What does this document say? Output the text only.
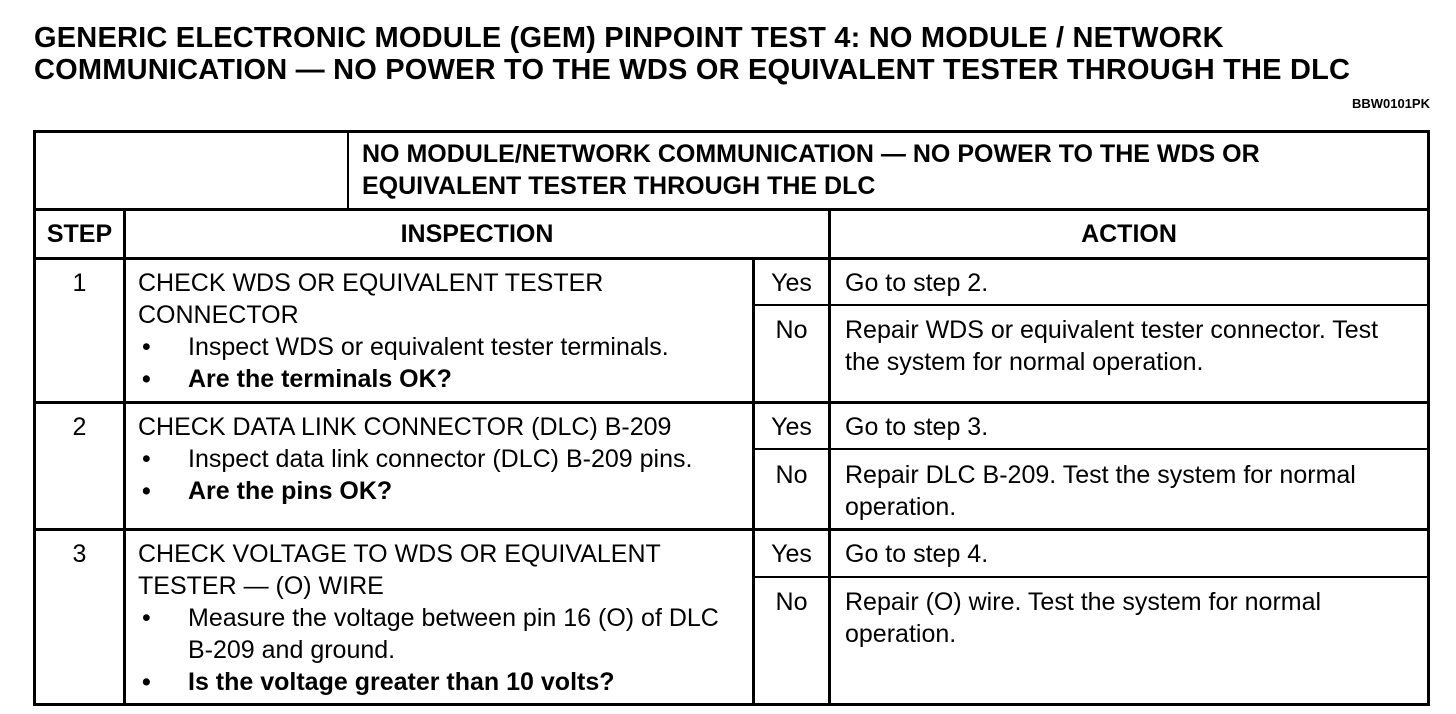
GENERIC ELECTRONIC MODULE (GEM) PINPOINT TEST 4: NO MODULE / NETWORK COMMUNICATION — NO POWER TO THE WDS OR EQUIVALENT TESTER THROUGH THE DLC
BBW0101PK
NO MODULE/NETWORK COMMUNICATION — NO POWER TO THE WDS OR EQUIVALENT TESTER THROUGH THE DLC
STEP	INSPECTION	ACTION
1	CHECK WDS OR EQUIVALENT TESTER CONNECTOR
• Inspect WDS or equivalent tester terminals.
• Are the terminals OK?
Yes	Go to step 2.
No	Repair WDS or equivalent tester connector. Test the system for normal operation.
2	CHECK DATA LINK CONNECTOR (DLC) B-209
• Inspect data link connector (DLC) B-209 pins.
• Are the pins OK?
Yes	Go to step 3.
No	Repair DLC B-209. Test the system for normal operation.
3	CHECK VOLTAGE TO WDS OR EQUIVALENT TESTER — (O) WIRE
• Measure the voltage between pin 16 (O) of DLC B-209 and ground.
• Is the voltage greater than 10 volts?
Yes	Go to step 4.
No	Repair (O) wire. Test the system for normal operation.
